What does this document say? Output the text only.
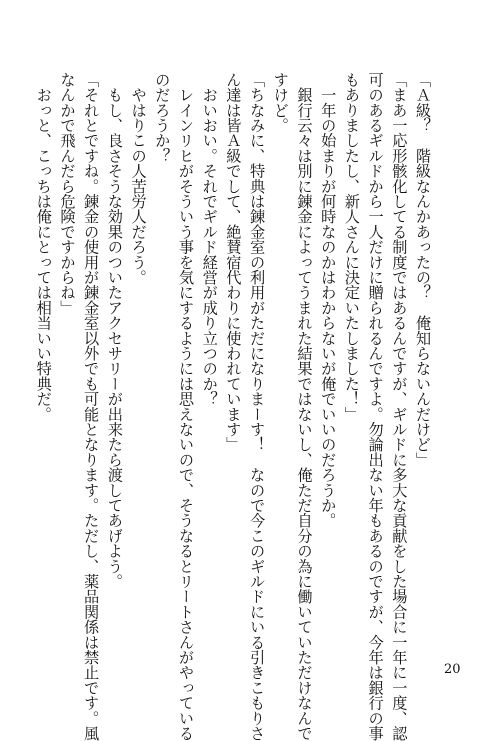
「Ａ級？　階級なんかあったの？　俺知らないんだけど」
「まあ一応形骸化してる制度ではあるんですが、ギルドに多大な貢献をした場合に一年に一度、認
可のあるギルドから一人だけに贈られるんですよ。勿論出ない年もあるのですが、今年は銀行の事
もありましたし、新人さんに決定いたしました！」
　一年の始まりが何時なのかはわからないが俺でいいのだろうか。
　銀行云々は別に錬金によってうまれた結果ではないし、俺ただ自分の為に働いていただけなんで
すけど。
「ちなみに、特典は錬金室の利用がただになりまーす！　なので今このギルドにいる引きこもりさ
ん達は皆Ａ級でして、絶賛宿代わりに使われています」
　おいおい。それでギルド経営が成り立つのか？
　レインリヒがそういう事を気にするようには思えないので、そうなるとリートさんがやっている
のだろうか？
　やはりこの人苦労人だろう。
　もし、良さそうな効果のついたアクセサリーが出来たら渡してあげよう。
「それとですね。錬金の使用が錬金室以外でも可能となります。ただし、薬品関係は禁止です。風
なんかで飛んだら危険ですからね」
　おっと、こっちは俺にとっては相当いい特典だ。
20
